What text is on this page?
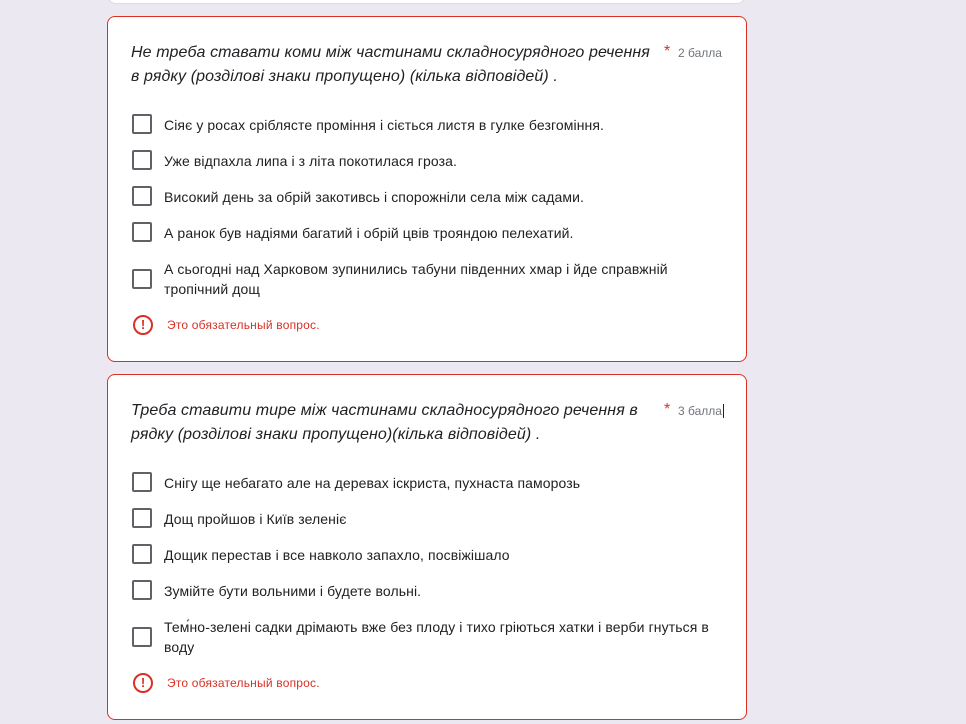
Не треба ставати коми між частинами складносурядного речення в рядку (розділові знаки пропущено) (кілька відповідей) .
* 2 балла
Сіяє у росах сріблясте проміння і сіється листя в гулке безгоміння.
Уже відпахла липа і з літа покотилася гроза.
Високий день за обрій закотивсь і спорожніли села між садами.
А ранок був надіями багатий і обрій цвів трояндою пелехатий.
А сьогодні над Харковом зупинились табуни південних хмар і йде справжній тропічний дощ
!	Это обязательный вопрос.
Треба ставити тире між частинами складносурядного речення в рядку (розділові знаки пропущено)(кілька відповідей) .
* 3 балла
Снігу ще небагато але на деревах іскриста, пухнаста паморозь
Дощ пройшов і Київ зеленіє
Дощик перестав і все навколо запахло, посвіжішало
Зумійте бути вольними і будете вольні.
Тем́но-зелені садки дрімають вже без плоду і тихо гріються хатки і верби гнуться в воду
!	Это обязательный вопрос.
